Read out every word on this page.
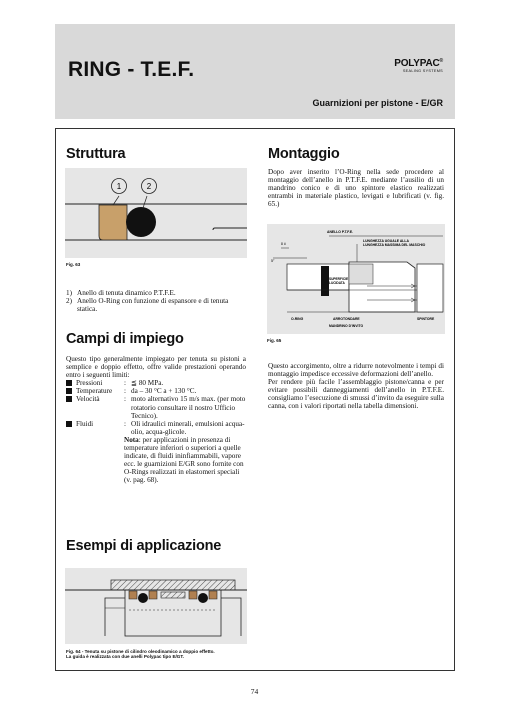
RING - T.E.F.	POLYPAC®
SEALING SYSTEMS
Guarnizioni per pistone - E/GR
Struttura
1	2
Fig. 63
1) Anello di tenuta dinamico P.T.F.E.
2) Anello O-Ring con funzione di espansore e di tenuta statica.
Campi di impiego

Questo tipo generalmente impiegato per tenuta su pistoni a semplice e doppio effetto, offre valide prestazioni operando entro i seguenti limiti:

Pressioni	: ≦ 80 MPa.
Temperature	: da – 30 °C a + 130 °C.
Velocità	: moto alternativo 15 m/s max. (per moto rotatorio consultare il nostro Ufficio Tecnico).
Fluidi	: Oli idraulici minerali, emulsioni acqua-olio, acqua-glicole.
Nota: per applicazioni in presenza di temperature inferiori o superiori a quelle indicate, di fluidi ininfiammabili, vapore ecc. le guarnizioni E/GR sono fornite con O-Rings realizzati in elastomeri speciali (v. pag. 68).
Esempi di applicazione
Fig. 64 - Tenuta su pistone di cilindro oleodinamico a doppio effetto.
La guida è realizzata con due anelli Polypac tipo E/GT.
Montaggio
Dopo aver inserito l’O-Ring nella sede procedere al montaggio dell’anello in P.T.F.E. mediante l’ausilio di un mandrino conico e di uno spintore elastico realizzati entrambi in materiale plastico, levigati e lubrificati (v. fig. 65.)
ANELLO P.T.F.E.
LUNGHEZZA UGUALE ALLA
LUNGHEZZA MASSIMA DEL MASCHIO
5°
8 ö
SUPERFICIE
LUCIDATA
O-RING	ARROTONDARE
MANDRINO D'INVITO
SPINTORE
Fig. 65

Questo accorgimento, oltre a ridurre notevolmente i tempi di montaggio impedisce eccessive deformazioni dell’anello.

Per rendere più facile l’assemblaggio pistone/canna e per evitare possibili danneggiamenti dell’anello in P.T.F.E. consigliamo l’esecuzione di smussi d’invito da eseguire sulla canna, con i valori riportati nella tabella dimensioni.

74
